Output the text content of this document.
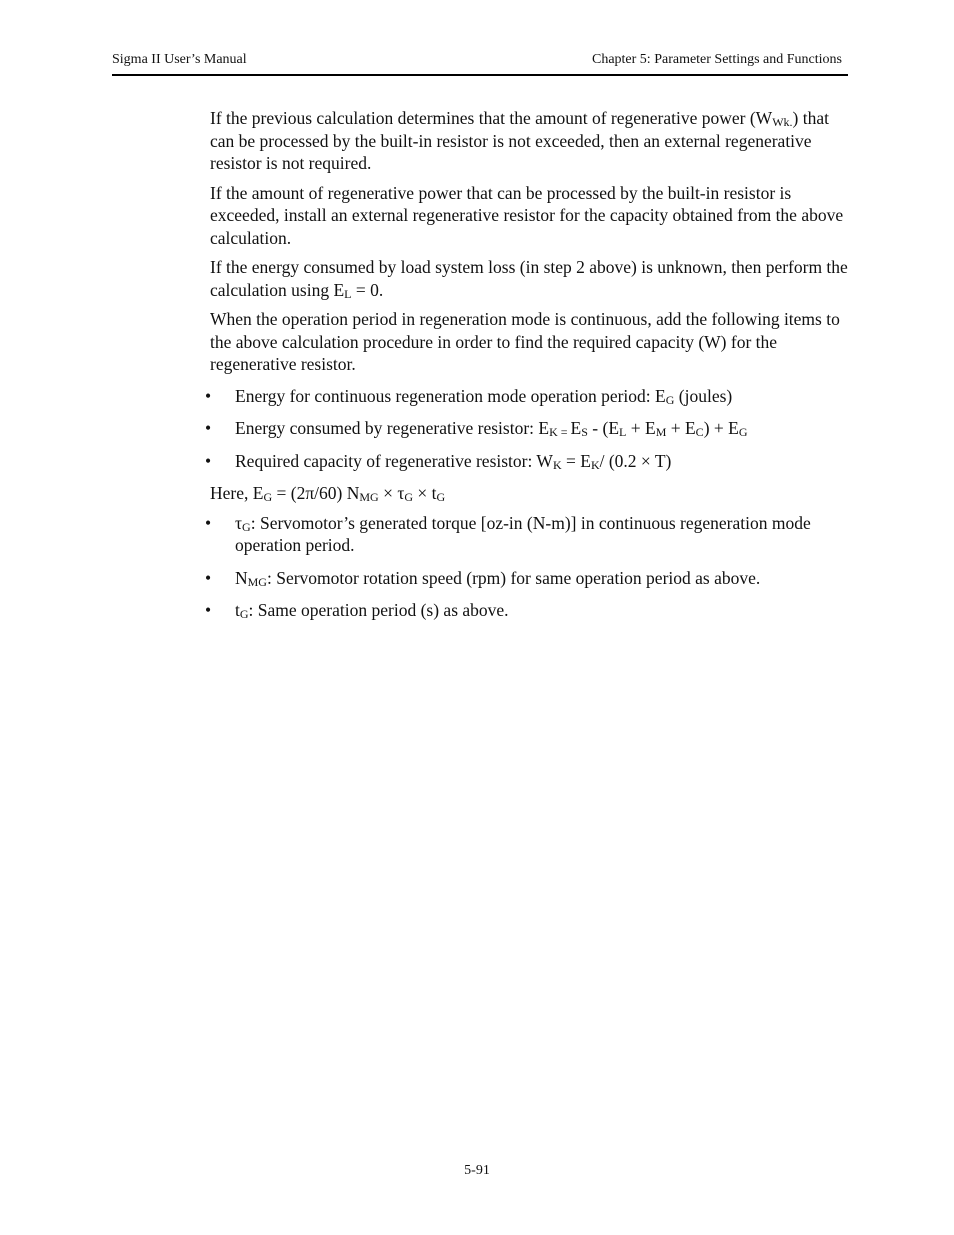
Sigma II User’s Manual	Chapter 5: Parameter Settings and Functions

If the previous calculation determines that the amount of regenerative power $(W_{Wk.})$ that can be processed by the built-in resistor is not exceeded, then an external regenerative resistor is not required.

If the amount of regenerative power that can be processed by the built-in resistor is exceeded, install an external regenerative resistor for the capacity obtained from the above calculation.

If the energy consumed by load system loss (in step 2 above) is unknown, then perform the calculation using $E_L = 0$.

When the operation period in regeneration mode is continuous, add the following items to the above calculation procedure in order to find the required capacity (W) for the regenerative resistor.

• Energy for continuous regeneration mode operation period: $E_G$ (joules)
• Energy consumed by regenerative resistor: $E_{K =}$ $E_S - (E_L + E_M + E_C) + E_G$
• Required capacity of regenerative resistor: $W_K = E_K/$ (0.2 × T)

Here, $E_G = (2\pi/60) N_{MG} \times \tau_G \times t_G$

• $\tau_G$: Servomotor’s generated torque [oz-in (N-m)] in continuous regeneration mode operation period.
• $N_{MG}$: Servomotor rotation speed (rpm) for same operation period as above.
• $t_G$: Same operation period (s) as above.
5-91
